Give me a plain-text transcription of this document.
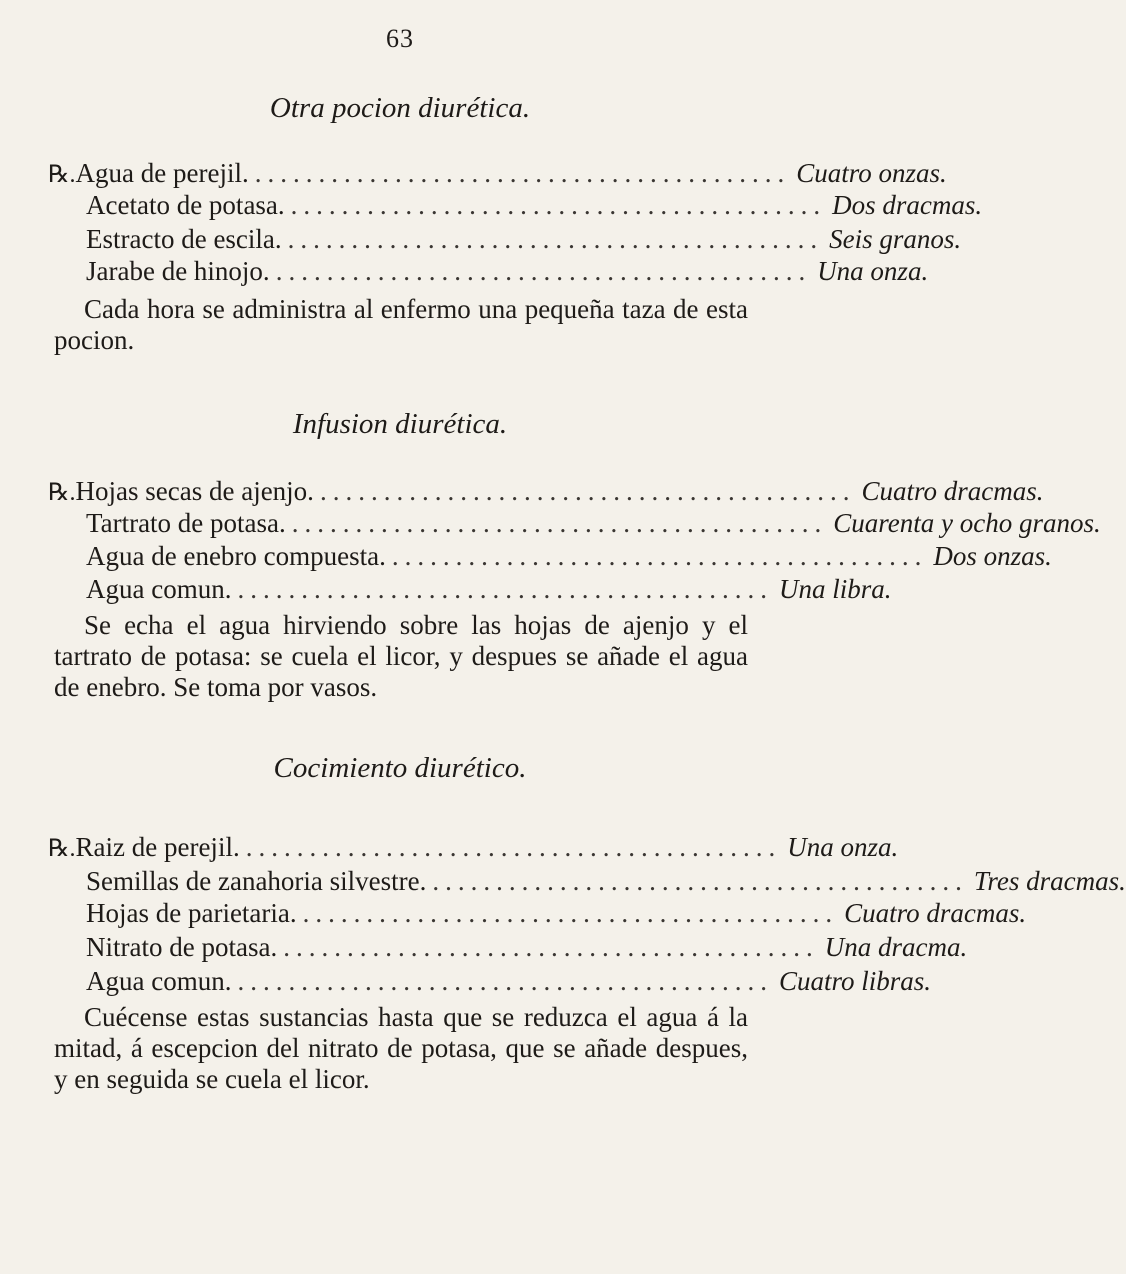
63
Otra pocion diurética.
℞. Agua de perejil. .......................................... Cuatro onzas.
Acetato de potasa. .......................................... Dos dracmas.
Estracto de escila. .......................................... Seis granos.
Jarabe de hinojo. .......................................... Una onza.
Cada hora se administra al enfermo una pequeña taza de esta pocion.
Infusion diurética.
℞. Hojas secas de ajenjo. .......................................... Cuatro dracmas.
Tartrato de potasa. .......................................... Cuarenta y ocho granos.
Agua de enebro compuesta. .......................................... Dos onzas.
Agua comun. .......................................... Una libra.
Se echa el agua hirviendo sobre las hojas de ajenjo y el tartrato de potasa: se cuela el licor, y despues se añade el agua de enebro. Se toma por vasos.
Cocimiento diurético.
℞. Raiz de perejil. .......................................... Una onza.
Semillas de zanahoria silvestre. .......................................... Tres dracmas.
Hojas de parietaria. .......................................... Cuatro dracmas.
Nitrato de potasa. .......................................... Una dracma.
Agua comun. .......................................... Cuatro libras.
Cuécense estas sustancias hasta que se reduzca el agua á la mitad, á escepcion del nitrato de potasa, que se añade despues, y en seguida se cuela el licor.
